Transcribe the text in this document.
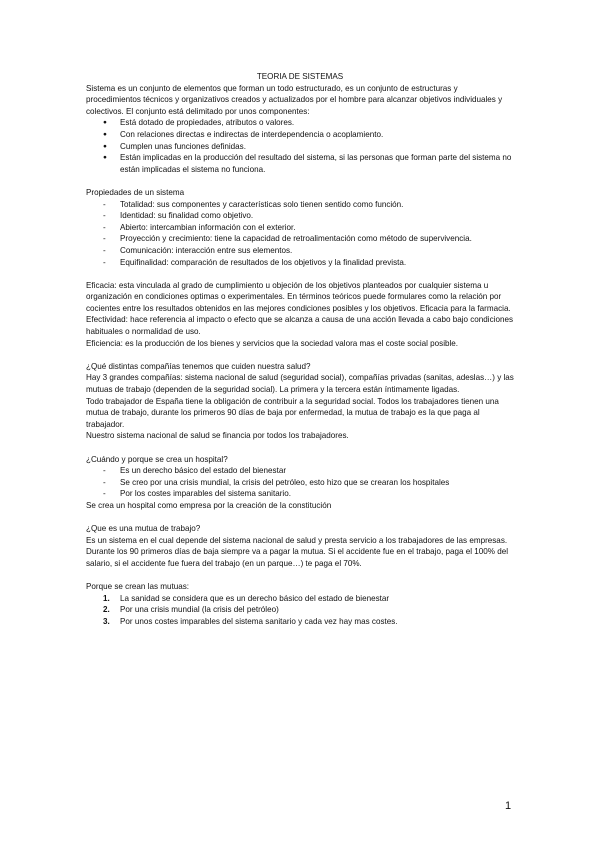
TEORIA DE SISTEMAS

Sistema es un conjunto de elementos que forman un todo estructurado, es un conjunto de estructuras y procedimientos técnicos y organizativos creados y actualizados por el hombre para alcanzar objetivos individuales y colectivos. El conjunto está delimitado por unos componentes:

● Está dotado de propiedades, atributos o valores.
● Con relaciones directas e indirectas de interdependencia o acoplamiento.
● Cumplen unas funciones definidas.
● Están implicadas en la producción del resultado del sistema, si las personas que forman parte del sistema no están implicadas el sistema no funciona.

Propiedades de un sistema

- Totalidad: sus componentes y características solo tienen sentido como función.
- Identidad: su finalidad como objetivo.
- Abierto: intercambian información con el exterior.
- Proyección y crecimiento: tiene la capacidad de retroalimentación como método de supervivencia.
- Comunicación: interacción entre sus elementos.
- Equifinalidad: comparación de resultados de los objetivos y la finalidad prevista.

Eficacia: esta vinculada al grado de cumplimiento u objeción de los objetivos planteados por cualquier sistema u organización en condiciones optimas o experimentales. En términos teóricos puede formulares como la relación por cocientes entre los resultados obtenidos en las mejores condiciones posibles y los objetivos. Eficacia para la farmacia.

Efectividad: hace referencia al impacto o efecto que se alcanza a causa de una acción llevada a cabo bajo condiciones habituales o normalidad de uso.

Eficiencia: es la producción de los bienes y servicios que la sociedad valora mas el coste social posible.

¿Qué distintas compañías tenemos que cuiden nuestra salud?

Hay 3 grandes compañías: sistema nacional de salud (seguridad social), compañías privadas (sanitas, adeslas…) y las mutuas de trabajo (dependen de la seguridad social). La primera y la tercera están íntimamente ligadas.

Todo trabajador de España tiene la obligación de contribuir a la seguridad social. Todos los trabajadores tienen una mutua de trabajo, durante los primeros 90 días de baja por enfermedad, la mutua de trabajo es la que paga al trabajador.

Nuestro sistema nacional de salud se financia por todos los trabajadores.

¿Cuándo y porque se crea un hospital?

- Es un derecho básico del estado del bienestar
- Se creo por una crisis mundial, la crisis del petróleo, esto hizo que se crearan los hospitales
- Por los costes imparables del sistema sanitario.

Se crea un hospital como empresa por la creación de la constitución

¿Que es una mutua de trabajo?

Es un sistema en el cual depende del sistema nacional de salud y presta servicio a los trabajadores de las empresas.

Durante los 90 primeros días de baja siempre va a pagar la mutua. Si el accidente fue en el trabajo, paga el 100% del salario, si el accidente fue fuera del trabajo (en un parque…) te paga el 70%.

Porque se crean las mutuas:

1. La sanidad se considera que es un derecho básico del estado de bienestar
2. Por una crisis mundial (la crisis del petróleo)
3. Por unos costes imparables del sistema sanitario y cada vez hay mas costes.
1
